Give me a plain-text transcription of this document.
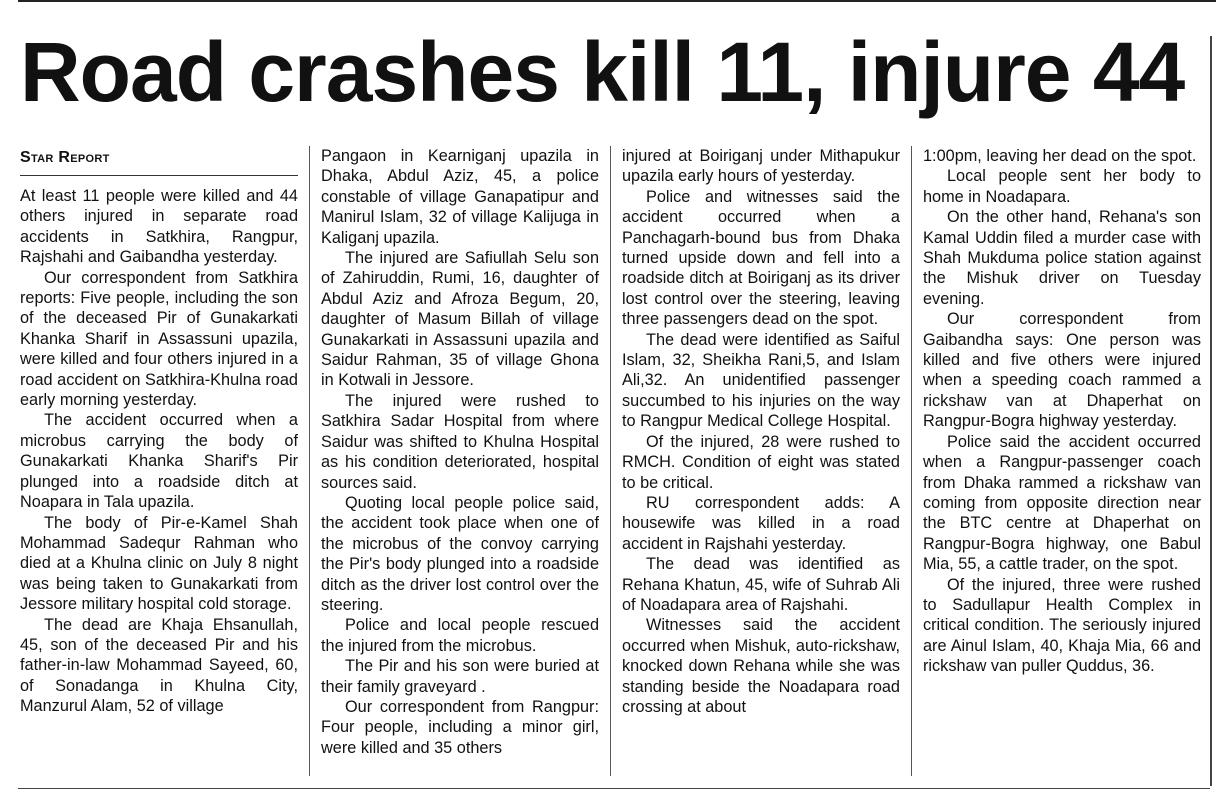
Road crashes kill 11, injure 44
Star Report

At least 11 people were killed and 44 others injured in separate road accidents in Satkhira, Rangpur, Rajshahi and Gaibandha yesterday.

Our correspondent from Satkhira reports: Five people, including the son of the deceased Pir of Gunakarkati Khanka Sharif in Assassuni upazila, were killed and four others injured in a road accident on Satkhira-Khulna road early morning yesterday.

The accident occurred when a microbus carrying the body of Gunakarkati Khanka Sharif's Pir plunged into a roadside ditch at Noapara in Tala upazila.

The body of Pir-e-Kamel Shah Mohammad Sadequr Rahman who died at a Khulna clinic on July 8 night was being taken to Gunakarkati from Jessore military hospital cold storage.

The dead are Khaja Ehsanullah, 45, son of the deceased Pir and his father-in-law Mohammad Sayeed, 60, of Sonadanga in Khulna City, Manzurul Alam, 52 of village

Pangaon in Kearniganj upazila in Dhaka, Abdul Aziz, 45, a police constable of village Ganapatipur and Manirul Islam, 32 of village Kalijuga in Kaliganj upazila.

The injured are Safiullah Selu son of Zahiruddin, Rumi, 16, daughter of Abdul Aziz and Afroza Begum, 20, daughter of Masum Billah of village Gunakarkati in Assassuni upazila and Saidur Rahman, 35 of village Ghona in Kotwali in Jessore.

The injured were rushed to Satkhira Sadar Hospital from where Saidur was shifted to Khulna Hospital as his condition deteriorated, hospital sources said.

Quoting local people police said, the accident took place when one of the microbus of the convoy carrying the Pir's body plunged into a roadside ditch as the driver lost control over the steering.

Police and local people rescued the injured from the microbus.

The Pir and his son were buried at their family graveyard .

Our correspondent from Rangpur: Four people, including a minor girl, were killed and 35 others

injured at Boiriganj under Mithapukur upazila early hours of yesterday.

Police and witnesses said the accident occurred when a Panchagarh-bound bus from Dhaka turned upside down and fell into a roadside ditch at Boiriganj as its driver lost control over the steering, leaving three passengers dead on the spot.

The dead were identified as Saiful Islam, 32, Sheikha Rani,5, and Islam Ali,32. An unidentified passenger succumbed to his injuries on the way to Rangpur Medical College Hospital.

Of the injured, 28 were rushed to RMCH. Condition of eight was stated to be critical.

RU correspondent adds: A housewife was killed in a road accident in Rajshahi yesterday.

The dead was identified as Rehana Khatun, 45, wife of Suhrab Ali of Noadapara area of Rajshahi.

Witnesses said the accident occurred when Mishuk, auto-rickshaw, knocked down Rehana while she was standing beside the Noadapara road crossing at about

1:00pm, leaving her dead on the spot.

Local people sent her body to home in Noadapara.

On the other hand, Rehana's son Kamal Uddin filed a murder case with Shah Mukduma police station against the Mishuk driver on Tuesday evening.

Our correspondent from Gaibandha says: One person was killed and five others were injured when a speeding coach rammed a rickshaw van at Dhaperhat on Rangpur-Bogra highway yesterday.

Police said the accident occurred when a Rangpur-passenger coach from Dhaka rammed a rickshaw van coming from opposite direction near the BTC centre at Dhaperhat on Rangpur-Bogra highway, one Babul Mia, 55, a cattle trader, on the spot.

Of the injured, three were rushed to Sadullapur Health Complex in critical condition. The seriously injured are Ainul Islam, 40, Khaja Mia, 66 and rickshaw van puller Quddus, 36.
